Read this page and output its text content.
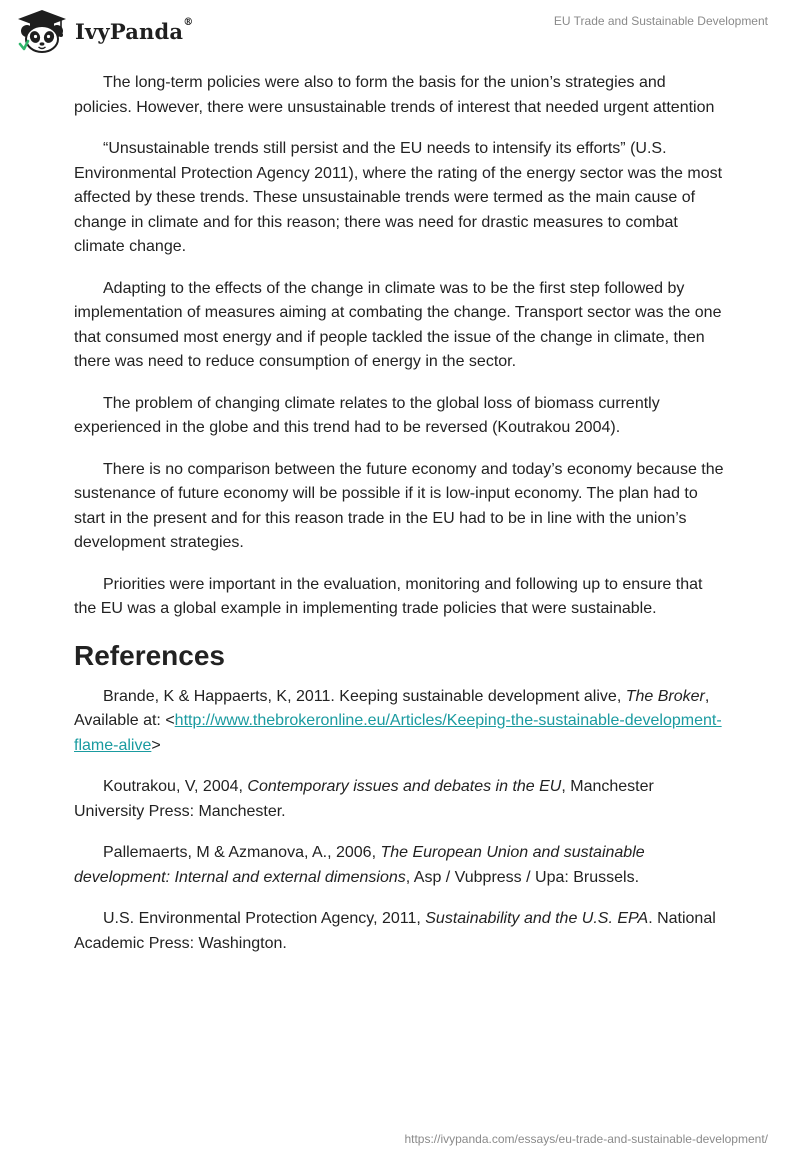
IvyPanda®	EU Trade and Sustainable Development

The long-term policies were also to form the basis for the union’s strategies and policies. However, there were unsustainable trends of interest that needed urgent attention

“Unsustainable trends still persist and the EU needs to intensify its efforts” (U.S. Environmental Protection Agency 2011), where the rating of the energy sector was the most affected by these trends. These unsustainable trends were termed as the main cause of change in climate and for this reason; there was need for drastic measures to combat climate change.

Adapting to the effects of the change in climate was to be the first step followed by implementation of measures aiming at combating the change. Transport sector was the one that consumed most energy and if people tackled the issue of the change in climate, then there was need to reduce consumption of energy in the sector.

The problem of changing climate relates to the global loss of biomass currently experienced in the globe and this trend had to be reversed (Koutrakou 2004).

There is no comparison between the future economy and today’s economy because the sustenance of future economy will be possible if it is low-input economy. The plan had to start in the present and for this reason trade in the EU had to be in line with the union’s development strategies.

Priorities were important in the evaluation, monitoring and following up to ensure that the EU was a global example in implementing trade policies that were sustainable.

References

Brande, K & Happaerts, K, 2011. Keeping sustainable development alive, The Broker, Available at: <http://www.thebrokeronline.eu/Articles/Keeping-the-sustainable-development-flame-alive>

Koutrakou, V, 2004, Contemporary issues and debates in the EU, Manchester University Press: Manchester.

Pallemaerts, M & Azmanova, A., 2006, The European Union and sustainable development: Internal and external dimensions, Asp / Vubpress / Upa: Brussels.

U.S. Environmental Protection Agency, 2011, Sustainability and the U.S. EPA. National Academic Press: Washington.

https://ivypanda.com/essays/eu-trade-and-sustainable-development/
